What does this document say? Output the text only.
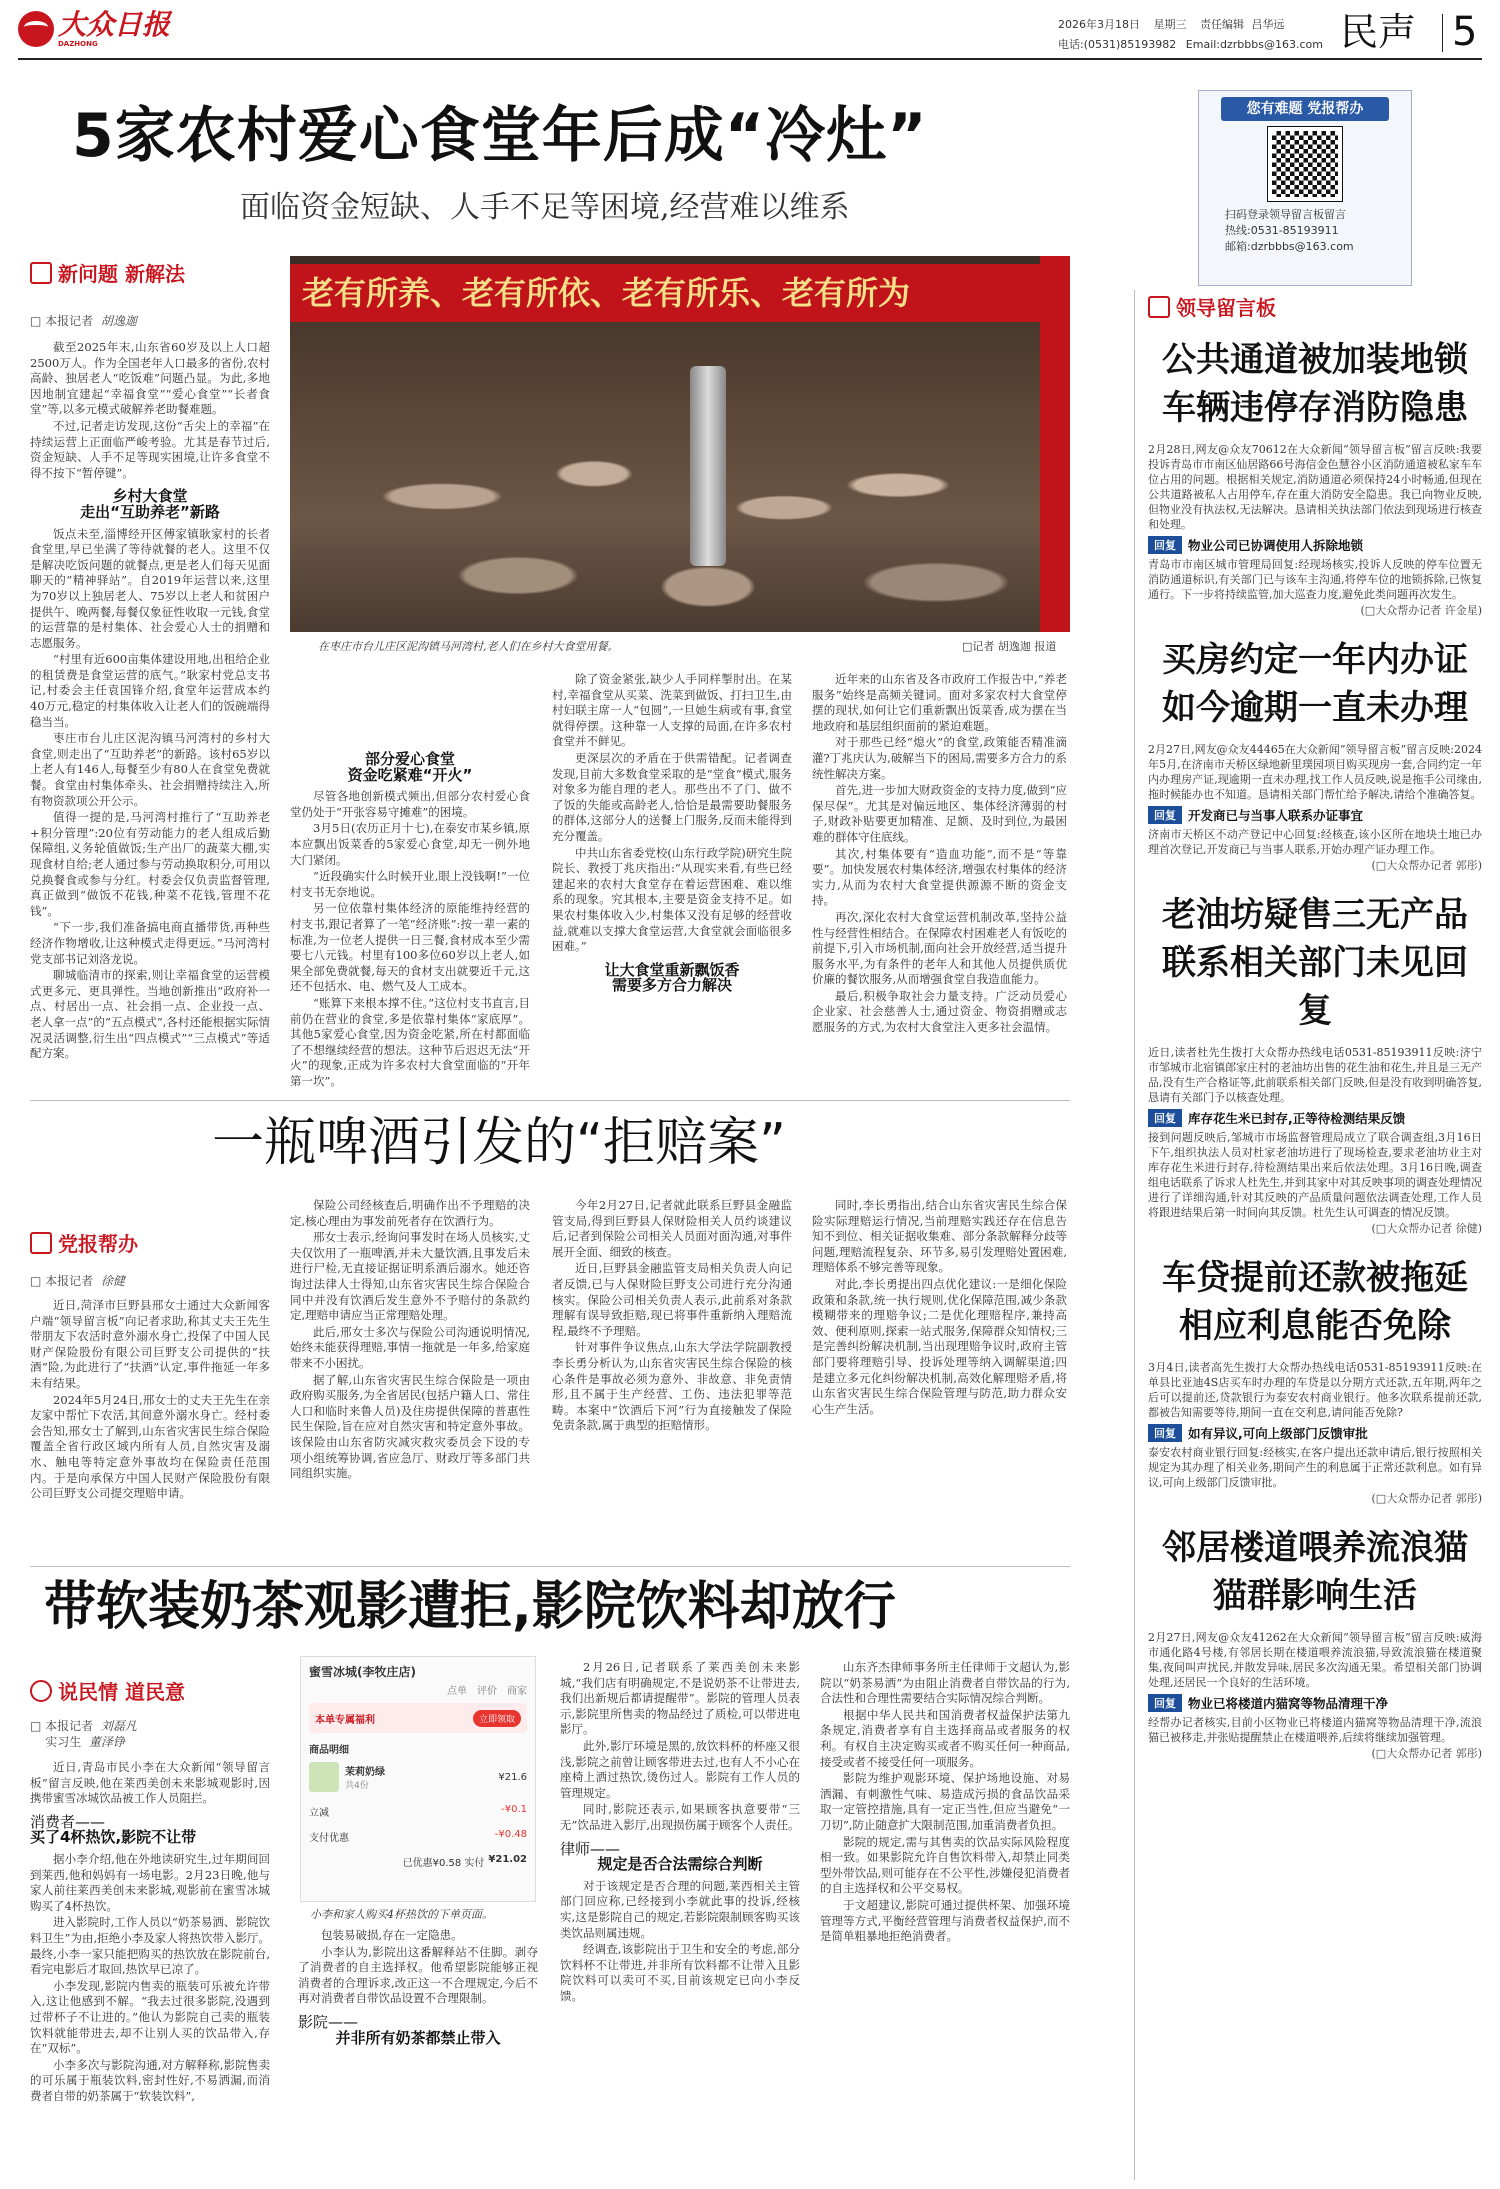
大众日报
DAZHONG
2026年3月18日 星期三 责任编辑 吕华远
电话:(0531)85193982 Email:dzrbbbs@163.com 民声 5
5家农村爱心食堂年后成“冷灶”
面临资金短缺、人手不足等困境,经营难以维系
您有难题 党报帮办
扫码登录领导留言板留言
热线:0531-85193911
邮箱:dzrbbbs@163.com
新问题 新解法
□ 本报记者 胡逸迦
老有所养、老有所依、老有所乐、老有所为
在枣庄市台儿庄区泥沟镇马河湾村,老人们在乡村大食堂用餐。	□记者 胡逸迦 报道

截至2025年末,山东省60岁及以上人口超2500万人。作为全国老年人口最多的省份,农村高龄、独居老人“吃饭难”问题凸显。为此,多地因地制宜建起“幸福食堂”“爱心食堂”“长者食堂”等,以多元模式破解养老助餐难题。

不过,记者走访发现,这份“舌尖上的幸福”在持续运营上正面临严峻考验。尤其是春节过后,资金短缺、人手不足等现实困境,让许多食堂不得不按下“暂停键”。

乡村大食堂
走出“互助养老”新路

饭点未至,淄博经开区傅家镇耿家村的长者食堂里,早已坐满了等待就餐的老人。这里不仅是解决吃饭问题的就餐点,更是老人们每天见面聊天的“精神驿站”。自2019年运营以来,这里为70岁以上独居老人、75岁以上老人和贫困户提供午、晚两餐,每餐仅象征性收取一元钱,食堂的运营靠的是村集体、社会爱心人士的捐赠和志愿服务。

“村里有近600亩集体建设用地,出租给企业的租赁费是食堂运营的底气。”耿家村党总支书记,村委会主任袁国锋介绍,食堂年运营成本约40万元,稳定的村集体收入让老人们的饭碗端得稳当当。

枣庄市台儿庄区泥沟镇马河湾村的乡村大食堂,则走出了“互助养老”的新路。该村65岁以上老人有146人,每餐至少有80人在食堂免费就餐。食堂由村集体牵头、社会捐赠持续注入,所有物资款项公开公示。

值得一提的是,马河湾村推行了“互助养老+积分管理”:20位有劳动能力的老人组成后勤保障组,义务轮值做饭;生产出厂的蔬菜大棚,实现食材自给;老人通过参与劳动换取积分,可用以兑换餐食或参与分红。村委会仅负责监督管理,真正做到“做饭不花钱,种菜不花钱,管理不花钱”。

“下一步,我们准备搞电商直播带货,再种些经济作物增收,让这种模式走得更远。”马河湾村党支部书记刘洛龙说。

聊城临清市的探索,则让幸福食堂的运营模式更多元、更具弹性。当地创新推出“政府补一点、村居出一点、社会捐一点、企业投一点、老人拿一点”的“五点模式”,各村还能根据实际情况灵活调整,衍生出“四点模式”“三点模式”等适配方案。

部分爱心食堂
资金吃紧难“开火”

尽管各地创新模式频出,但部分农村爱心食堂仍处于“开张容易守摊难”的困境。

3月5日(农历正月十七),在泰安市某乡镇,原本应飘出饭菜香的5家爱心食堂,却无一例外地大门紧闭。

“近段确实什么时候开业,眼上没钱啊!”一位村支书无奈地说。

另一位依靠村集体经济的原能维持经营的村支书,跟记者算了一笔“经济账”:按一辈一素的标准,为一位老人提供一日三餐,食材成本至少需要七八元钱。村里有100多位60岁以上老人,如果全部免费就餐,每天的食材支出就要近千元,这还不包括水、电、燃气及人工成本。

“账算下来根本撑不住。”这位村支书直言,目前仍在营业的食堂,多是依靠村集体“家底厚”。其他5家爱心食堂,因为资金吃紧,所在村都面临了不想继续经营的想法。这种节后迟迟无法“开火”的现象,正成为许多农村大食堂面临的“开年第一坎”。

除了资金紧张,缺少人手同样掣肘出。在某村,幸福食堂从买菜、洗菜到做饭、打扫卫生,由村妇联主席一人“包圆”,一旦她生病或有事,食堂就得停摆。这种靠一人支撑的局面,在许多农村食堂并不鲜见。

更深层次的矛盾在于供需错配。记者调查发现,目前大多数食堂采取的是“堂食”模式,服务对象多为能自理的老人。那些出不了门、做不了饭的失能或高龄老人,恰恰是最需要助餐服务的群体,这部分人的送餐上门服务,反而未能得到充分覆盖。

中共山东省委党校(山东行政学院)研究生院院长、教授丁兆庆指出:“从现实来看,有些已经建起来的农村大食堂存在着运营困难、难以维系的现象。究其根本,主要是资金支持不足。如果农村集体收入少,村集体又没有足够的经营收益,就难以支撑大食堂运营,大食堂就会面临很多困难。”

让大食堂重新飘饭香
需要多方合力解决

近年来的山东省及各市政府工作报告中,“养老服务”始终是高频关键词。面对多家农村大食堂停摆的现状,如何让它们重新飘出饭菜香,成为摆在当地政府和基层组织面前的紧迫难题。

对于那些已经“熄火”的食堂,政策能否精准滴灌?丁兆庆认为,破解当下的困局,需要多方合力的系统性解决方案。

首先,进一步加大财政资金的支持力度,做到“应保尽保”。尤其是对偏远地区、集体经济薄弱的村子,财政补贴要更加精准、足额、及时到位,为最困难的群体守住底线。

其次,村集体要有“造血功能”,而不是“等靠要”。加快发展农村集体经济,增强农村集体的经济实力,从而为农村大食堂提供源源不断的资金支持。

再次,深化农村大食堂运营机制改革,坚持公益性与经营性相结合。在保障农村困难老人有饭吃的前提下,引入市场机制,面向社会开放经营,适当提升服务水平,为有条件的老年人和其他人员提供质优价廉的餐饮服务,从而增强食堂自我造血能力。

最后,积极争取社会力量支持。广泛动员爱心企业家、社会慈善人士,通过资金、物资捐赠或志愿服务的方式,为农村大食堂注入更多社会温情。

一瓶啤酒引发的“拒赔案”
党报帮办
□ 本报记者 徐健

近日,菏泽市巨野县邢女士通过大众新闻客户端“领导留言板”向记者求助,称其丈夫王先生带朋友下农活时意外溺水身亡,投保了中国人民财产保险股份有限公司巨野支公司提供的“扶酒”险,为此进行了“扶酒”认定,事件拖延一年多未有结果。

2024年5月24日,邢女士的丈夫王先生在亲友家中帮忙下农活,其间意外溺水身亡。经村委会告知,邢女士了解到,山东省灾害民生综合保险覆盖全省行政区域内所有人员,自然灾害及溺水、触电等特定意外事故均在保险责任范围内。于是向承保方中国人民财产保险股份有限公司巨野支公司提交理赔申请。

保险公司经核查后,明确作出不予理赔的决定,核心理由为事发前死者存在饮酒行为。

邢女士表示,经询问事发时在场人员核实,丈夫仅饮用了一瓶啤酒,并未大量饮酒,且事发后未进行尸检,无直接证据证明系酒后溺水。她还咨询过法律人士得知,山东省灾害民生综合保险合同中并没有饮酒后发生意外不予赔付的条款约定,理赔申请应当正常理赔处理。

此后,邢女士多次与保险公司沟通说明情况,始终未能获得理赔,事情一拖就是一年多,给家庭带来不小困扰。

据了解,山东省灾害民生综合保险是一项由政府购买服务,为全省居民(包括户籍人口、常住人口和临时来鲁人员)及住房提供保障的普惠性民生保险,旨在应对自然灾害和特定意外事故。该保险由山东省防灾减灾救灾委员会下设的专项小组统筹协调,省应急厅、财政厅等多部门共同组织实施。

今年2月27日,记者就此联系巨野县金融监管支局,得到巨野县人保财险相关人员约谈建议后,记者到保险公司相关人员面对面沟通,对事件展开全面、细致的核查。

近日,巨野县金融监管支局相关负责人向记者反馈,已与人保财险巨野支公司进行充分沟通核实。保险公司相关负责人表示,此前系对条款理解有误导致拒赔,现已将事件重新纳入理赔流程,最终不予理赔。

针对事件争议焦点,山东大学法学院副教授李长勇分析认为,山东省灾害民生综合保险的核心条件是事故必须为意外、非故意、非免责情形,且不属于生产经营、工伤、违法犯罪等范畴。本案中“饮酒后下河”行为直接触发了保险免责条款,属于典型的拒赔情形。

同时,李长勇指出,结合山东省灾害民生综合保险实际理赔运行情况,当前理赔实践还存在信息告知不到位、相关证据收集难、部分条款解释分歧等问题,理赔流程复杂、环节多,易引发理赔处置困难,理赔体系不够完善等现象。

对此,李长勇提出四点优化建议:一是细化保险政策和条款,统一执行规则,优化保障范围,减少条款模糊带来的理赔争议;二是优化理赔程序,兼持高效、便利原则,探索一站式服务,保障群众知情权;三是完善纠纷解决机制,当出现理赔争议时,政府主管部门要将理赔引导、投诉处理等纳入调解渠道;四是建立多元化纠纷解决机制,高效化解理赔矛盾,将山东省灾害民生综合保险管理与防范,助力群众安心生产生活。

带软装奶茶观影遭拒,影院饮料却放行
说民情 道民意
□ 本报记者 刘磊凡
实习生 董泽铮

近日,青岛市民小李在大众新闻“领导留言板”留言反映,他在莱西美创未来影城观影时,因携带蜜雪冰城饮品被工作人员阻拦。

消费者——
买了4杯热饮,影院不让带

据小李介绍,他在外地读研究生,过年期间回到莱西,他和妈妈有一场电影。2月23日晚,他与家人前往莱西美创未来影城,观影前在蜜雪冰城购买了4杯热饮。

进入影院时,工作人员以“奶茶易洒、影院饮料卫生”为由,拒绝小李及家人将热饮带入影厅。最终,小李一家只能把购买的热饮放在影院前台,看完电影后才取回,热饮早已凉了。

小李发现,影院内售卖的瓶装可乐被允许带入,这让他感到不解。“我去过很多影院,没遇到过带杯子不让进的。”他认为影院自己卖的瓶装饮料就能带进去,却不让别人买的饮品带入,存在“双标”。

小李多次与影院沟通,对方解释称,影院售卖的可乐属于瓶装饮料,密封性好,不易洒漏,而消费者自带的奶茶属于“软装饮料”,

蜜雪冰城(李牧庄店)
点单 评价 商家
本单专属福利	立即领取
商品明细
茉莉奶绿
共4份
¥21.6
立减	-¥0.1
支付优惠	-¥0.48
已优惠¥0.58 实付 ¥21.02
小李和家人购买4杯热饮的下单页面。

包装易破损,存在一定隐患。

小李认为,影院出这番解释站不住脚。剥夺了消费者的自主选择权。他希望影院能够正视消费者的合理诉求,改正这一不合理规定,今后不再对消费者自带饮品设置不合理限制。

影院——
并非所有奶茶都禁止带入

2月26日,记者联系了莱西美创未来影城,“我们店有明确规定,不是说奶茶不让带进去,我们出新规后都请提醒带”。影院的管理人员表示,影院里所售卖的物品经过了质检,可以带进电影厅。

此外,影厅环境是黑的,放饮料杯的杯座又很浅,影院之前曾让顾客带进去过,也有人不小心在座椅上洒过热饮,烫伤过人。影院有工作人员的管理规定。

同时,影院还表示,如果顾客执意要带“三无”饮品进入影厅,出现损伤属于顾客个人责任。

律师——
规定是否合法需综合判断

对于该规定是否合理的问题,莱西相关主管部门回应称,已经接到小李就此事的投诉,经核实,这是影院自己的规定,若影院限制顾客购买该类饮品则属违规。

经调查,该影院出于卫生和安全的考虑,部分饮料杯不让带进,并非所有饮料都不让带入且影院饮料可以卖可不买,目前该规定已向小李反馈。

山东齐杰律师事务所主任律师于文超认为,影院以“奶茶易洒”为由阻止消费者自带饮品的行为,合法性和合理性需要结合实际情况综合判断。

根据中华人民共和国消费者权益保护法第九条规定,消费者享有自主选择商品或者服务的权利。有权自主决定购买或者不购买任何一种商品,接受或者不接受任何一项服务。

影院为维护观影环境、保护场地设施、对易洒漏、有刺激性气味、易造成污损的食品饮品采取一定管控措施,具有一定正当性,但应当避免“一刀切”,防止随意扩大限制范围,加重消费者负担。

影院的规定,需与其售卖的饮品实际风险程度相一致。如果影院允许自售饮料带入,却禁止同类型外带饮品,则可能存在不公平性,涉嫌侵犯消费者的自主选择权和公平交易权。

于文超建议,影院可通过提供杯架、加强环境管理等方式,平衡经营管理与消费者权益保护,而不是简单粗暴地拒绝消费者。

领导留言板
公共通道被加装地锁
车辆违停存消防隐患
2月28日,网友@众友70612在大众新闻“领导留言板”留言反映:我要投诉青岛市市南区仙居路66号海信金色慧谷小区消防通道被私家车车位占用的问题。根据相关规定,消防通道必须保持24小时畅通,但现在公共道路被私人占用停车,存在重大消防安全隐患。我已向物业反映,但物业没有执法权,无法解决。恳请相关执法部门依法到现场进行核查和处理。
回复 物业公司已协调使用人拆除地锁
青岛市市南区城市管理局回复:经现场核实,投诉人反映的停车位置无消防通道标识,有关部门已与该车主沟通,将停车位的地锁拆除,已恢复通行。下一步将持续监管,加大巡查力度,避免此类问题再次发生。
(□大众帮办记者 许金星)
买房约定一年内办证
如今逾期一直未办理
2月27日,网友@众友44465在大众新闻“领导留言板”留言反映:2024年5月,在济南市天桥区绿地新里璞园项目购买现房一套,合同约定一年内办理房产证,现逾期一直未办理,找工作人员反映,说是拖手公司缘由,拖时候能办也不知道。恳请相关部门帮忙给予解决,请给个准确答复。
回复 开发商已与当事人联系办证事宜
济南市天桥区不动产登记中心回复:经核查,该小区所在地块土地已办理首次登记,开发商已与当事人联系,开始办理产证办理工作。
(□大众帮办记者 郭彤)
老油坊疑售三无产品
联系相关部门未见回复
近日,读者杜先生拨打大众帮办热线电话0531-85193911反映:济宁市邹城市北宿镇郎家庄村的老油坊出售的花生油和花生,并且是三无产品,没有生产合格证等,此前联系相关部门反映,但是没有收到明确答复,恳请有关部门予以核查处理。
回复 库存花生米已封存,正等待检测结果反馈
接到问题反映后,邹城市市场监督管理局成立了联合调查组,3月16日下午,组织执法人员对杜家老油坊进行了现场检查,要求老油坊业主对库存花生米进行封存,待检测结果出来后依法处理。3月16日晚,调查组电话联系了诉求人杜先生,并到其家中对其反映事项的调查处理情况进行了详细沟通,针对其反映的产品质量问题依法调查处理,工作人员将跟进结果后第一时间向其反馈。杜先生认可调查的情况反馈。
(□大众帮办记者 徐健)
车贷提前还款被拖延
相应利息能否免除
3月4日,读者高先生拨打大众帮办热线电话0531-85193911反映:在单县比亚迪4S店买车时办理的车贷是以分期方式还款,五年期,两年之后可以提前还,贷款银行为泰安农村商业银行。他多次联系提前还款,都被告知需要等待,期间一直在交利息,请问能否免除?
回复 如有异议,可向上级部门反馈审批
泰安农村商业银行回复:经核实,在客户提出还款申请后,银行按照相关规定为其办理了相关业务,期间产生的利息属于正常还款利息。如有异议,可向上级部门反馈审批。
(□大众帮办记者 郭彤)
邻居楼道喂养流浪猫
猫群影响生活
2月27日,网友@众友41262在大众新闻“领导留言板”留言反映:威海市通化路4号楼,有邻居长期在楼道喂养流浪猫,导致流浪猫在楼道聚集,夜间叫声扰民,并散发异味,居民多次沟通无果。希望相关部门协调处理,还居民一个良好的生活环境。
回复 物业已将楼道内猫窝等物品清理干净
经帮办记者核实,目前小区物业已将楼道内猫窝等物品清理干净,流浪猫已被移走,并张贴提醒禁止在楼道喂养,后续将继续加强管理。
(□大众帮办记者 郭彤)
